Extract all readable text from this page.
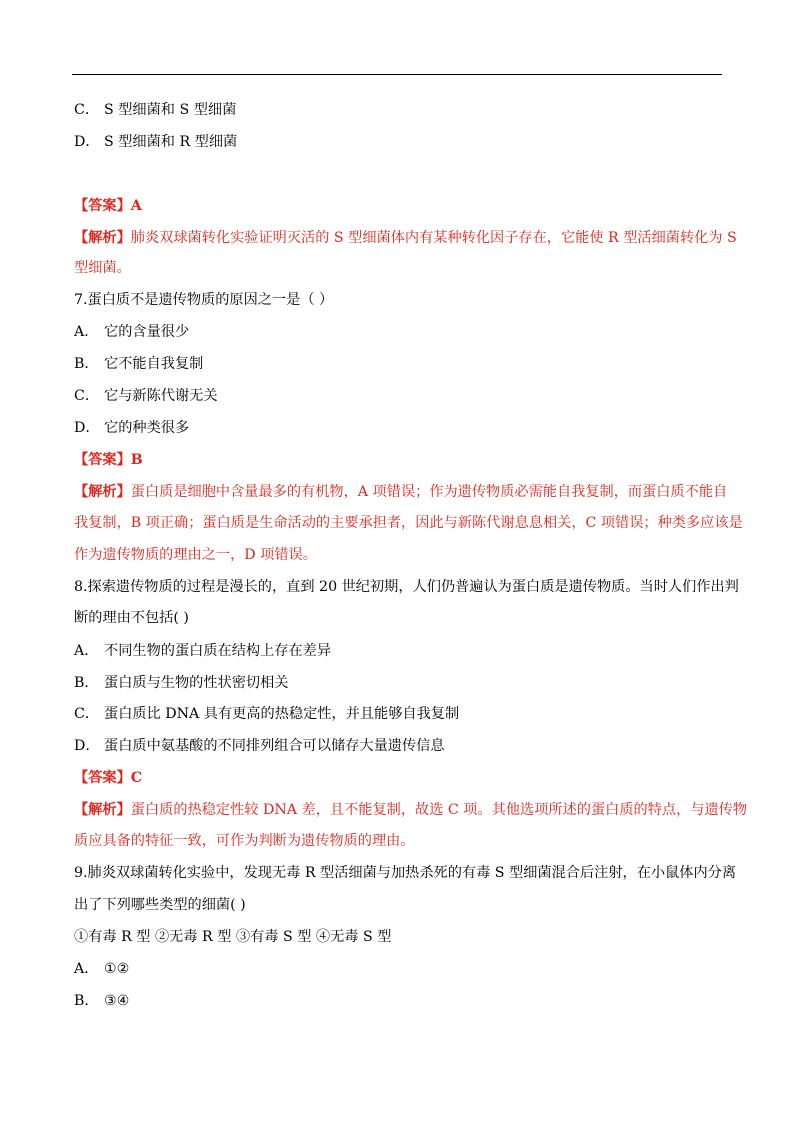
C． S 型细菌和 S 型细菌
D． S 型细菌和 R 型细菌
【答案】A
【解析】肺炎双球菌转化实验证明灭活的 S 型细菌体内有某种转化因子存在，它能使 R 型活细菌转化为 S
型细菌。
7.蛋白质不是遗传物质的原因之一是（ ）
A． 它的含量很少
B． 它不能自我复制
C． 它与新陈代谢无关
D． 它的种类很多
【答案】B
【解析】蛋白质是细胞中含量最多的有机物，A 项错误；作为遗传物质必需能自我复制，而蛋白质不能自
我复制，B 项正确；蛋白质是生命活动的主要承担者，因此与新陈代谢息息相关，C 项错误；种类多应该是
作为遗传物质的理由之一，D 项错误。
8.探索遗传物质的过程是漫长的，直到 20 世纪初期，人们仍普遍认为蛋白质是遗传物质。当时人们作出判
断的理由不包括( )
A． 不同生物的蛋白质在结构上存在差异
B． 蛋白质与生物的性状密切相关
C． 蛋白质比 DNA 具有更高的热稳定性，并且能够自我复制
D． 蛋白质中氨基酸的不同排列组合可以储存大量遗传信息
【答案】C
【解析】蛋白质的热稳定性较 DNA 差，且不能复制，故选 C 项。其他选项所述的蛋白质的特点，与遗传物
质应具备的特征一致，可作为判断为遗传物质的理由。
9.肺炎双球菌转化实验中，发现无毒 R 型活细菌与加热杀死的有毒 S 型细菌混合后注射，在小鼠体内分离
出了下列哪些类型的细菌( )
①有毒 R 型 ②无毒 R 型 ③有毒 S 型 ④无毒 S 型
A． ①②
B． ③④
